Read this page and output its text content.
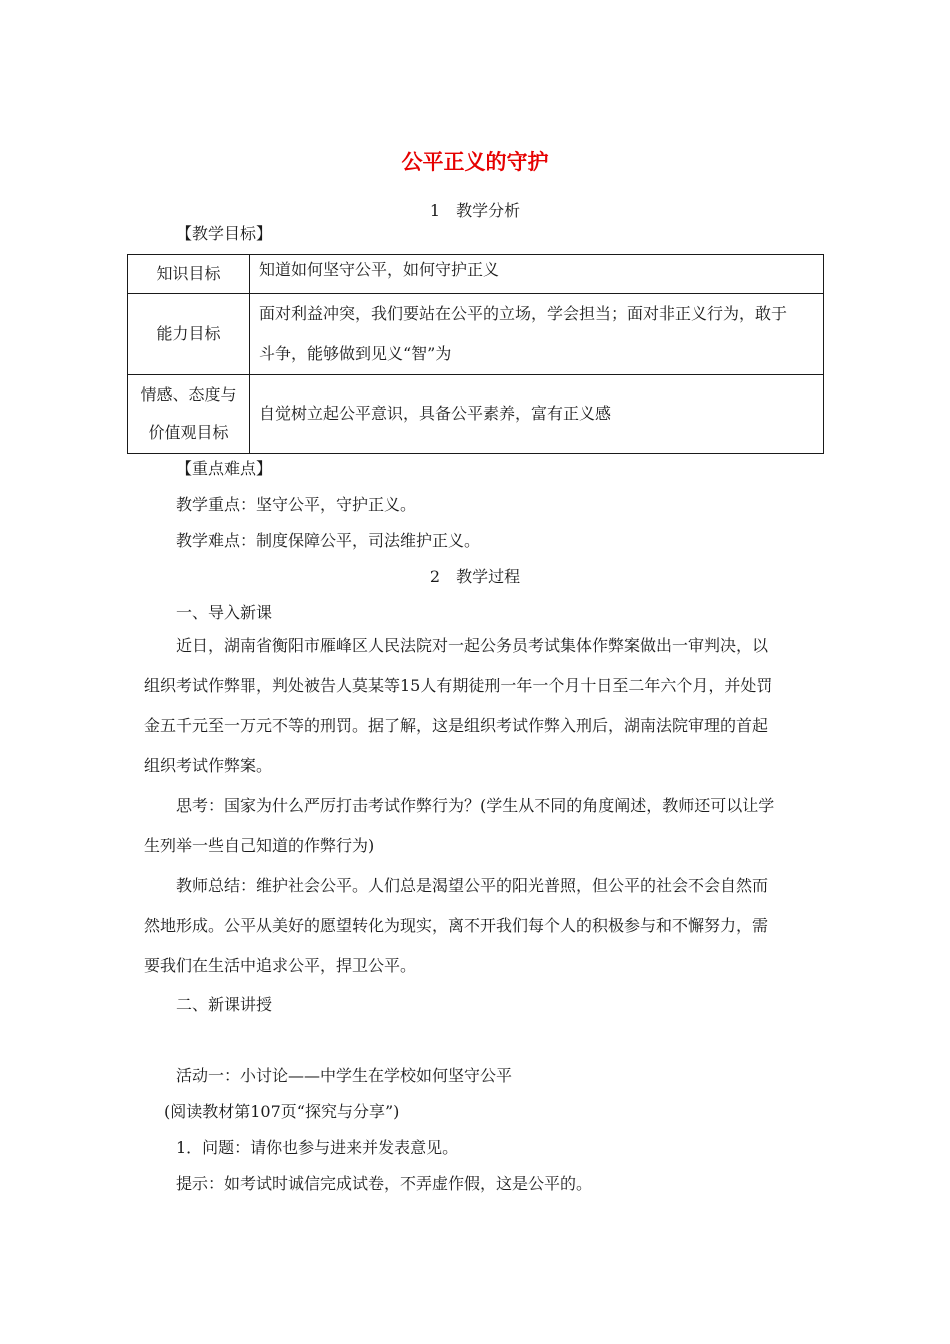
公平正义的守护
1　教学分析
【教学目标】
知识目标	知道如何坚守公平，如何守护正义
能力目标	面对利益冲突，我们要站在公平的立场，学会担当；面对非正义行为，敢于
斗争，能够做到见义“智”为

情感、态度与
价值观目标	自觉树立起公平意识，具备公平素养，富有正义感
【重点难点】
教学重点：坚守公平，守护正义。
教学难点：制度保障公平，司法维护正义。
2　教学过程
一、导入新课
近日，湖南省衡阳市雁峰区人民法院对一起公务员考试集体作弊案做出一审判决，以
组织考试作弊罪，判处被告人莫某等15人有期徒刑一年一个月十日至二年六个月，并处罚
金五千元至一万元不等的刑罚。据了解，这是组织考试作弊入刑后，湖南法院审理的首起
组织考试作弊案。
思考：国家为什么严厉打击考试作弊行为？(学生从不同的角度阐述，教师还可以让学
生列举一些自己知道的作弊行为)
教师总结：维护社会公平。人们总是渴望公平的阳光普照，但公平的社会不会自然而
然地形成。公平从美好的愿望转化为现实，离不开我们每个人的积极参与和不懈努力，需
要我们在生活中追求公平，捍卫公平。
二、新课讲授
活动一：小讨论——中学生在学校如何坚守公平
(阅读教材第107页“探究与分享”)
1．问题：请你也参与进来并发表意见。
提示：如考试时诚信完成试卷，不弄虚作假，这是公平的。
